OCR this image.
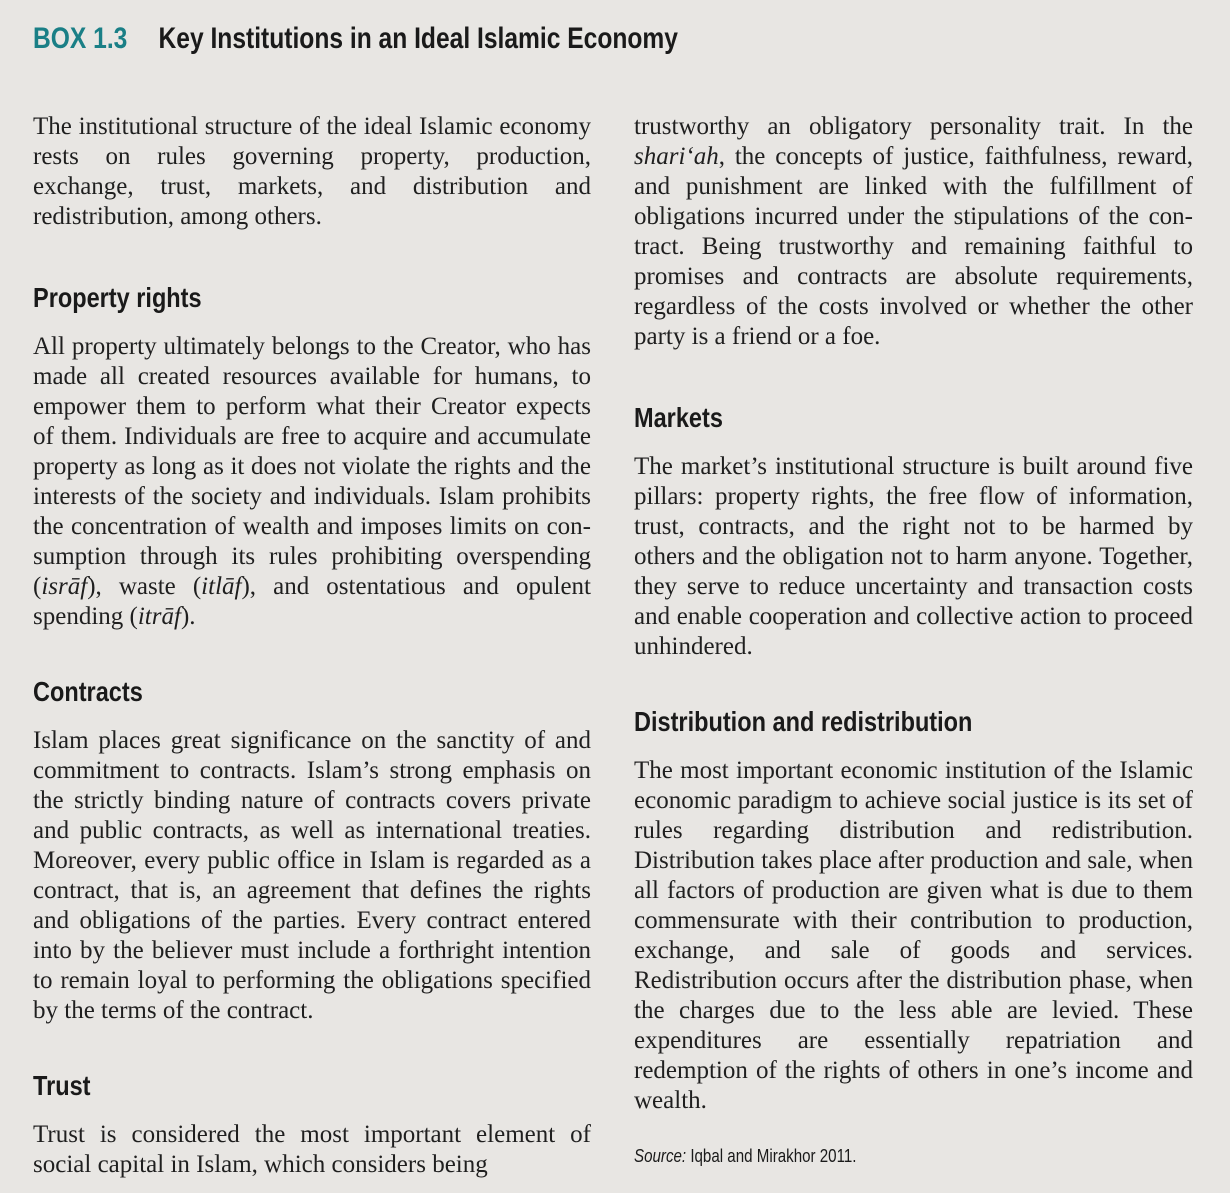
BOX 1.3 Key Institutions in an Ideal Islamic Economy

The institutional structure of the ideal Islamic economy rests on rules governing property, production, exchange, trust, markets, and distribution and redistribution, among others.

Property rights

All property ultimately belongs to the Creator, who has made all created resources available for humans, to empower them to perform what their Creator expects of them. Individuals are free to acquire and accumulate property as long as it does not violate the rights and the interests of the society and individuals. Islam prohibits the concentration of wealth and imposes limits on consumption through its rules prohibiting overspending (isrāf), waste (itlāf), and ostentatious and opulent spending (itrāf).

Contracts

Islam places great significance on the sanctity of and commitment to contracts. Islam’s strong emphasis on the strictly binding nature of contracts covers private and public contracts, as well as international treaties. Moreover, every public office in Islam is regarded as a contract, that is, an agreement that defines the rights and obligations of the parties. Every contract entered into by the believer must include a forthright intention to remain loyal to performing the obligations specified by the terms of the contract.

Trust

Trust is considered the most important element of social capital in Islam, which considers being

trustworthy an obligatory personality trait. In the shari‘ah, the concepts of justice, faithfulness, reward, and punishment are linked with the fulfillment of obligations incurred under the stipulations of the contract. Being trustworthy and remaining faithful to promises and contracts are absolute requirements, regardless of the costs involved or whether the other party is a friend or a foe.

Markets

The market’s institutional structure is built around five pillars: property rights, the free flow of information, trust, contracts, and the right not to be harmed by others and the obligation not to harm anyone. Together, they serve to reduce uncertainty and transaction costs and enable cooperation and collective action to proceed unhindered.

Distribution and redistribution

The most important economic institution of the Islamic economic paradigm to achieve social justice is its set of rules regarding distribution and redistribution. Distribution takes place after production and sale, when all factors of production are given what is due to them commensurate with their contribution to production, exchange, and sale of goods and services. Redistribution occurs after the distribution phase, when the charges due to the less able are levied. These expenditures are essentially repatriation and redemption of the rights of others in one’s income and wealth.

Source: Iqbal and Mirakhor 2011.
